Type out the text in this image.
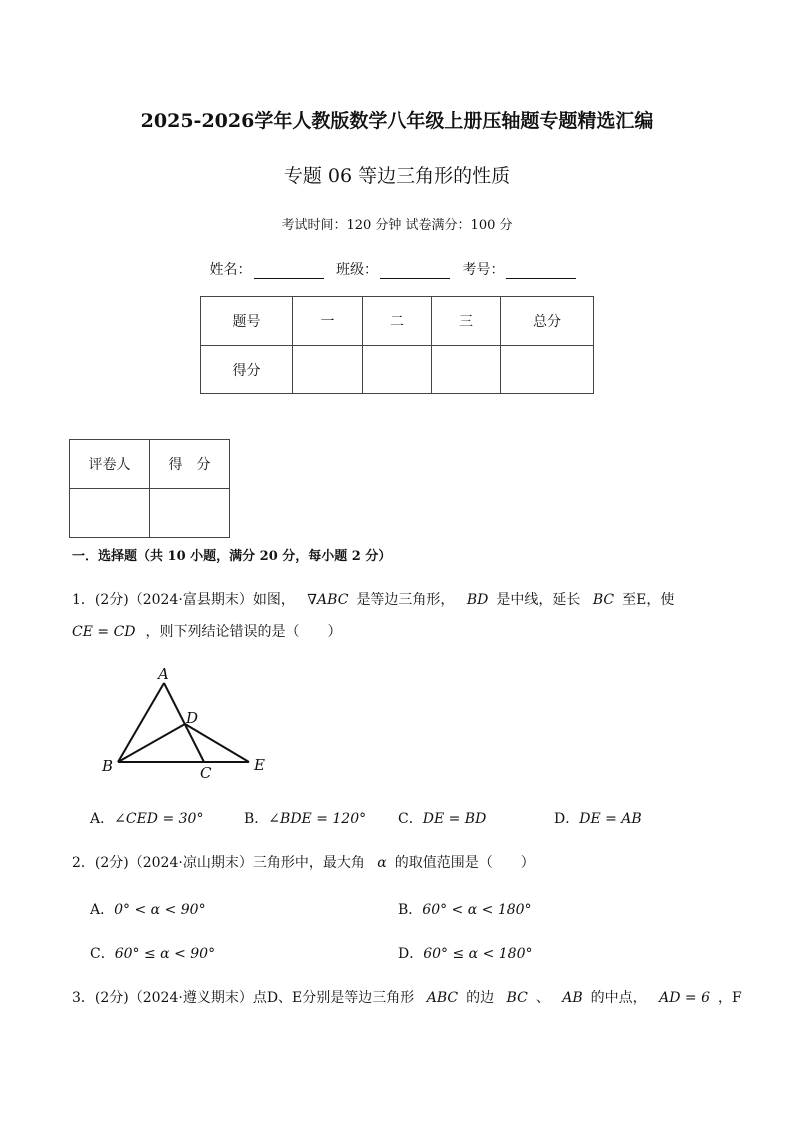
2025-2026学年人教版数学八年级上册压轴题专题精选汇编
专题 06 等边三角形的性质
考试时间：120 分钟 试卷满分：100 分
姓名：	班级：	考号：
题号	一	二	三	总分
得分				
评卷人	得　分

一．选择题（共 10 小题，满分 20 分，每小题 2 分）
1．(2分)（2024·富县期末）如图， ∇ABC 是等边三角形， BD 是中线，延长 BC 至E，使
CE = CD ，则下列结论错误的是（　　）
A
B	C
D
E
A．∠CED = 30°	B．∠BDE = 120° C．DE = BD	D．DE = AB
2．(2分)（2024·凉山期末）三角形中，最大角 α 的取值范围是（　　）
A．0° < α < 90°	B．60° < α < 180°
C．60° ≤ α < 90°	D．60° ≤ α < 180°
3．(2分)（2024·遵义期末）点D、E分别是等边三角形 ABC 的边 BC 、 AB 的中点， AD = 6 ，F
